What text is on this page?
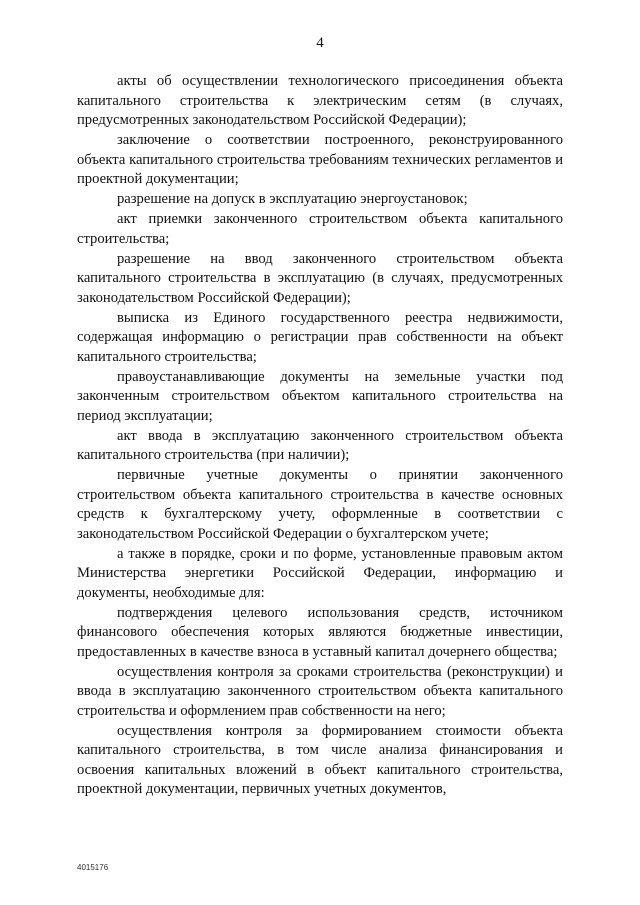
4

акты об осуществлении технологического присоединения объекта капитального строительства к электрическим сетям (в случаях, предусмотренных законодательством Российской Федерации);

заключение о соответствии построенного, реконструированного объекта капитального строительства требованиям технических регламентов и проектной документации;

разрешение на допуск в эксплуатацию энергоустановок;

акт приемки законченного строительством объекта капитального строительства;

разрешение на ввод законченного строительством объекта капитального строительства в эксплуатацию (в случаях, предусмотренных законодательством Российской Федерации);

выписка из Единого государственного реестра недвижимости, содержащая информацию о регистрации прав собственности на объект капитального строительства;

правоустанавливающие документы на земельные участки под законченным строительством объектом капитального строительства на период эксплуатации;

акт ввода в эксплуатацию законченного строительством объекта капитального строительства (при наличии);

первичные учетные документы о принятии законченного строительством объекта капитального строительства в качестве основных средств к бухгалтерскому учету, оформленные в соответствии с законодательством Российской Федерации о бухгалтерском учете;

а также в порядке, сроки и по форме, установленные правовым актом Министерства энергетики Российской Федерации, информацию и документы, необходимые для:

подтверждения целевого использования средств, источником финансового обеспечения которых являются бюджетные инвестиции, предоставленных в качестве взноса в уставный капитал дочернего общества;

осуществления контроля за сроками строительства (реконструкции) и ввода в эксплуатацию законченного строительством объекта капитального строительства и оформлением прав собственности на него;

осуществления контроля за формированием стоимости объекта капитального строительства, в том числе анализа финансирования и освоения капитальных вложений в объект капитального строительства, проектной документации, первичных учетных документов,

4015176
